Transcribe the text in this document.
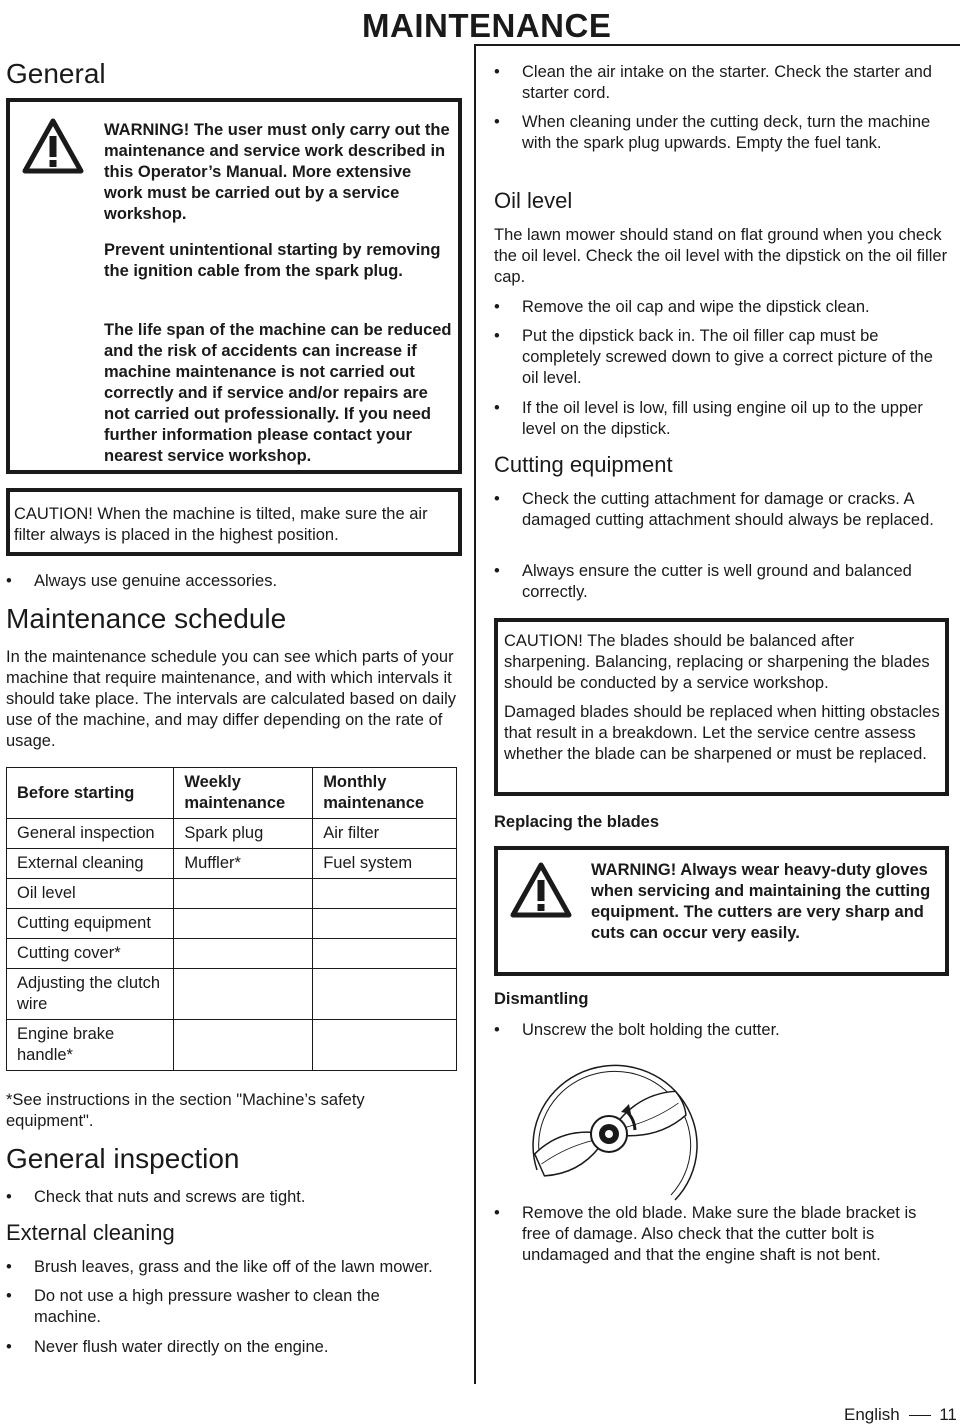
MAINTENANCE
General

WARNING! The user must only carry out the maintenance and service work described in this Operator’s Manual. More extensive work must be carried out by a service workshop.

Prevent unintentional starting by removing the ignition cable from the spark plug.

The life span of the machine can be reduced and the risk of accidents can increase if machine maintenance is not carried out correctly and if service and/or repairs are not carried out professionally. If you need further information please contact your nearest service workshop.

CAUTION! When the machine is tilted, make sure the air filter always is placed in the highest position.

•	Always use genuine accessories.
Maintenance schedule

In the maintenance schedule you can see which parts of your machine that require maintenance, and with which intervals it should take place. The intervals are calculated based on daily use of the machine, and may differ depending on the rate of usage.

Before starting	Weekly maintenance	Monthly maintenance
General inspection	Spark plug	Air filter
External cleaning	Muffler*	Fuel system
Oil level		
Cutting equipment		
Cutting cover*		
Adjusting the clutch wire		
Engine brake handle*		

*See instructions in the section "Machine’s safety equipment".

General inspection
•	Check that nuts and screws are tight.
External cleaning
•	Brush leaves, grass and the like off of the lawn mower.
•	Do not use a high pressure washer to clean the machine.
•	Never flush water directly on the engine.
•	Clean the air intake on the starter. Check the starter and starter cord.
•	When cleaning under the cutting deck, turn the machine with the spark plug upwards. Empty the fuel tank.
Oil level

The lawn mower should stand on flat ground when you check the oil level. Check the oil level with the dipstick on the oil filler cap.

•	Remove the oil cap and wipe the dipstick clean.
•	Put the dipstick back in. The oil filler cap must be completely screwed down to give a correct picture of the oil level.
•	If the oil level is low, fill using engine oil up to the upper level on the dipstick.
Cutting equipment
•	Check the cutting attachment for damage or cracks. A damaged cutting attachment should always be replaced.
•	Always ensure the cutter is well ground and balanced correctly.

CAUTION! The blades should be balanced after sharpening. Balancing, replacing or sharpening the blades should be conducted by a service workshop.

Damaged blades should be replaced when hitting obstacles that result in a breakdown. Let the service centre assess whether the blade can be sharpened or must be replaced.

Replacing the blades

WARNING! Always wear heavy-duty gloves when servicing and maintaining the cutting equipment. The cutters are very sharp and cuts can occur very easily.

Dismantling
•	Unscrew the bolt holding the cutter.
•	Remove the old blade. Make sure the blade bracket is free of damage. Also check that the cutter bolt is undamaged and that the engine shaft is not bent.
English 11
